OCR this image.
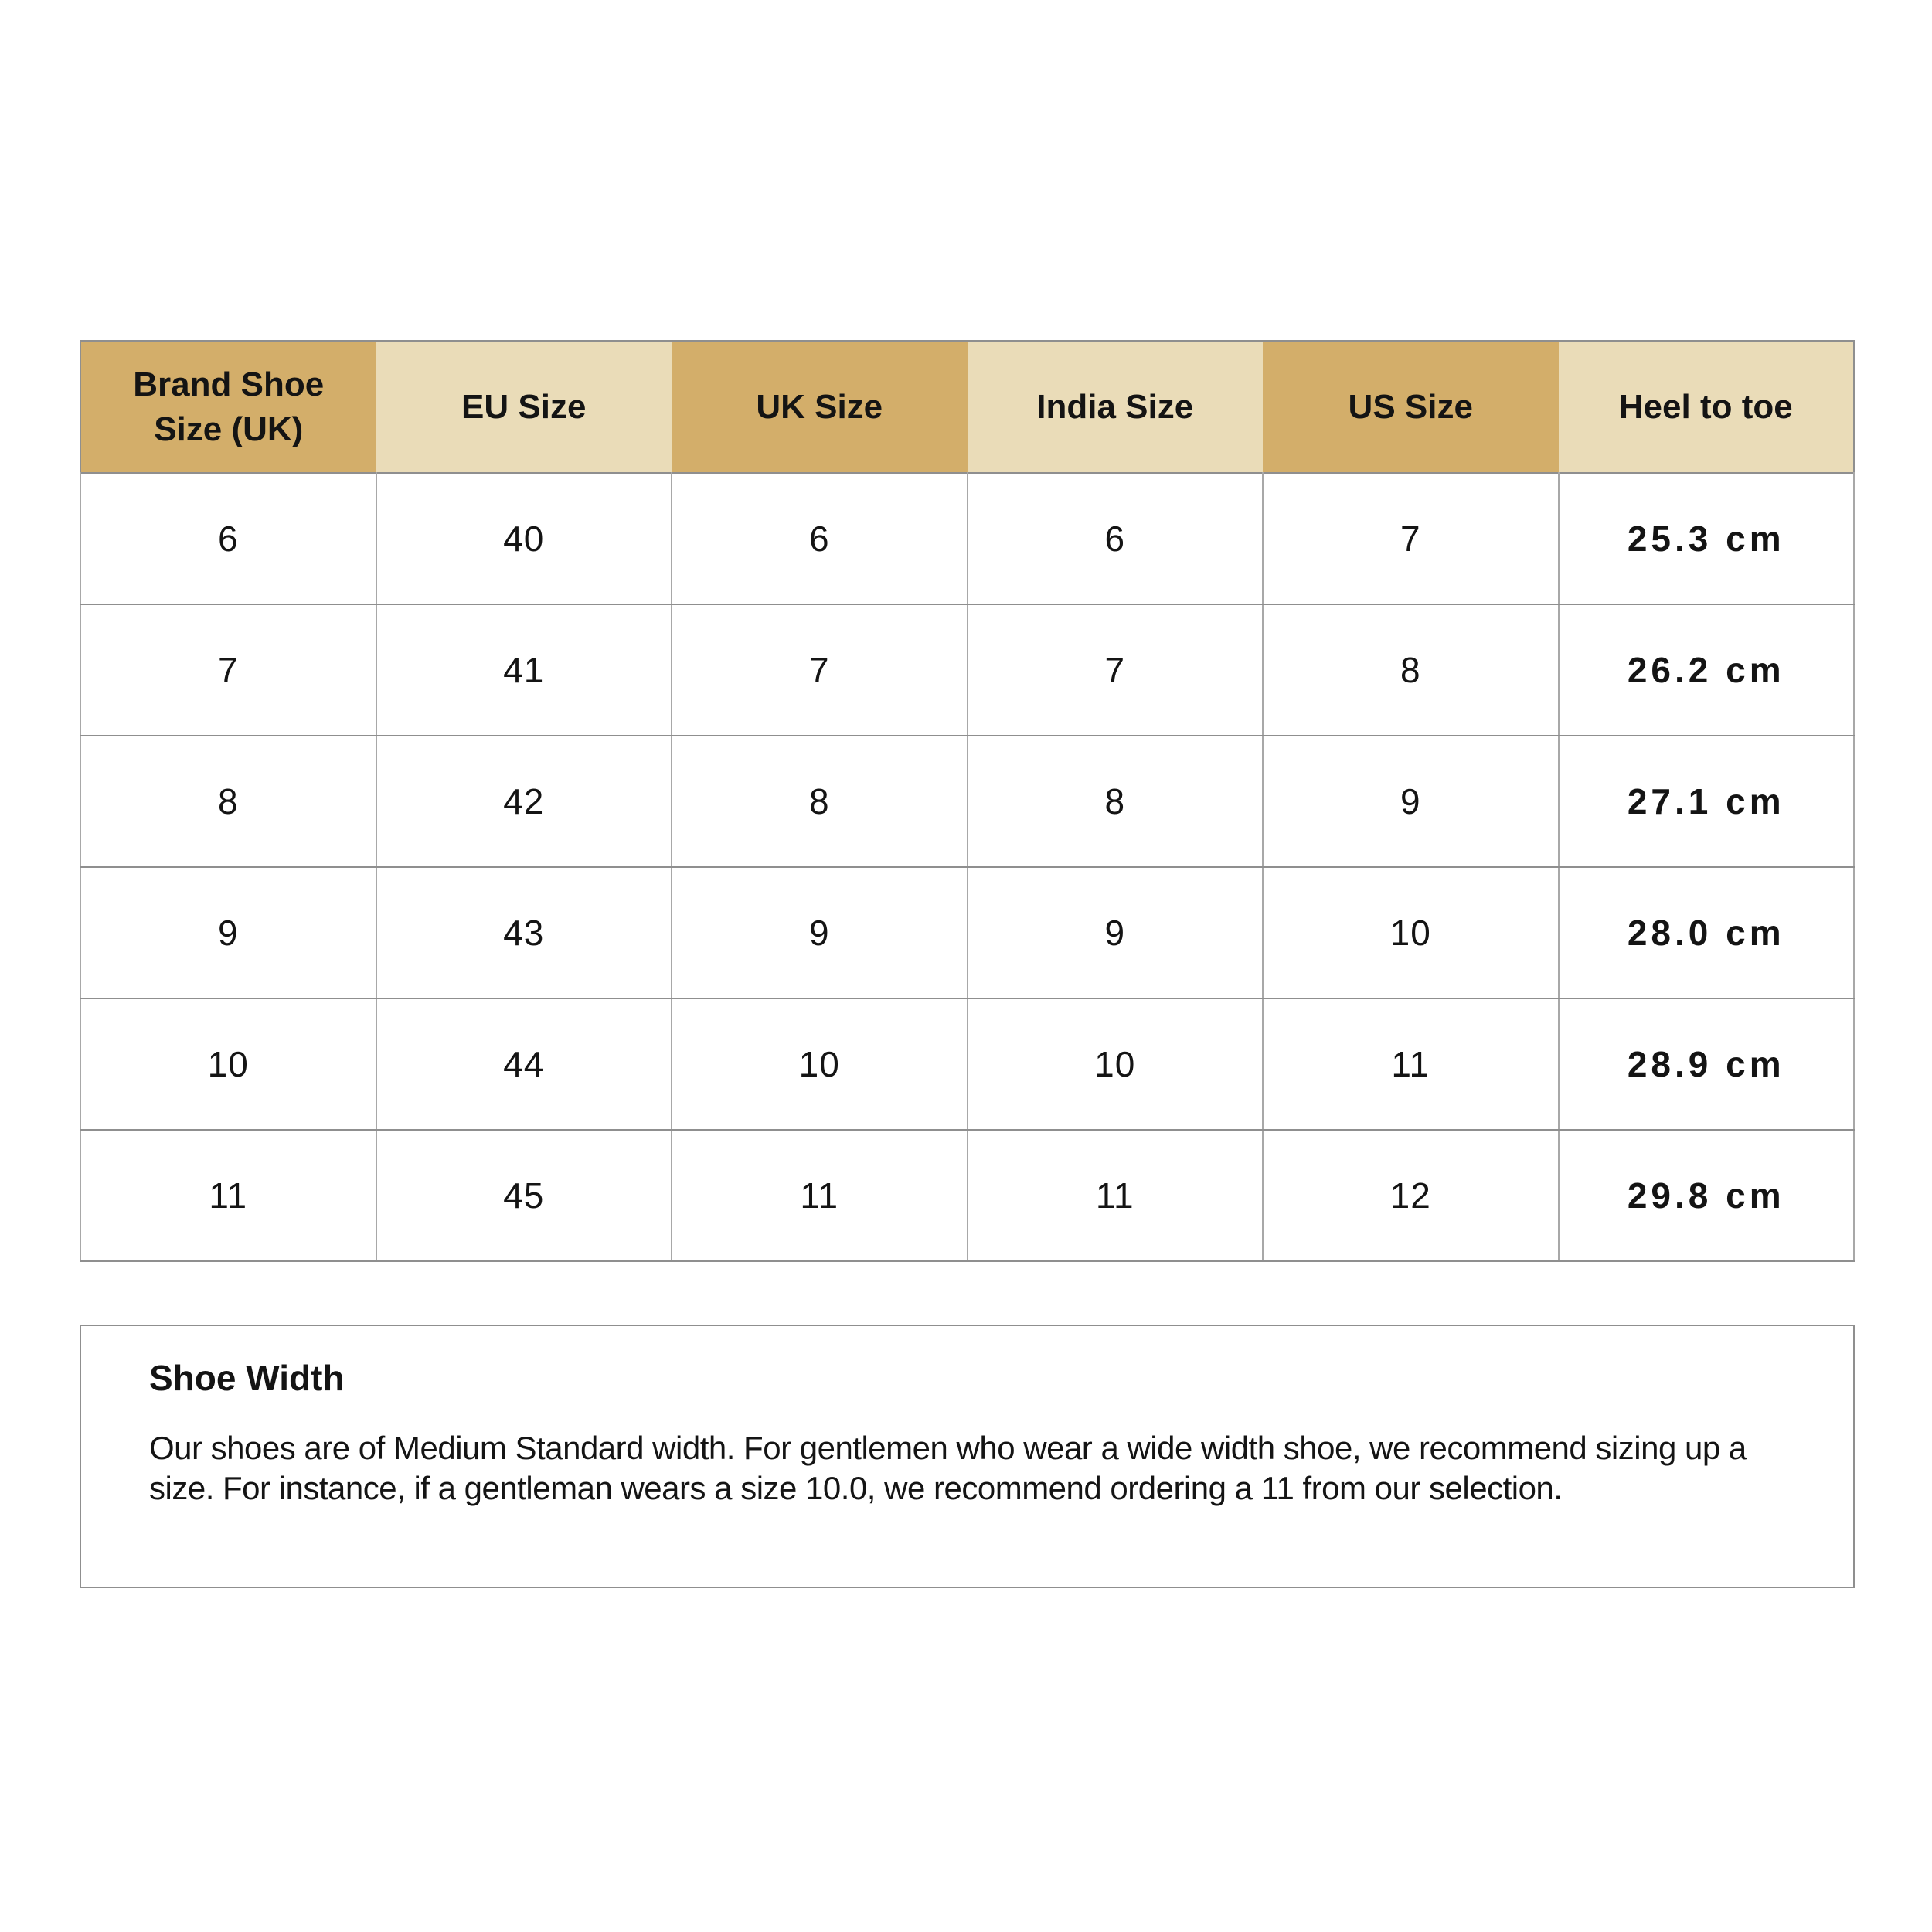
Brand Shoe Size (UK)	EU Size	UK Size	India Size	US Size	Heel to toe
6	40	6	6	7	25.3 cm
7	41	7	7	8	26.2 cm
8	42	8	8	9	27.1 cm
9	43	9	9	10	28.0 cm
10	44	10	10	11	28.9 cm
11	45	11	11	12	29.8 cm
Shoe Width

Our shoes are of Medium Standard width. For gentlemen who wear a wide width shoe, we recommend sizing up a size. For instance, if a gentleman wears a size 10.0, we recommend ordering a 11 from our selection.
